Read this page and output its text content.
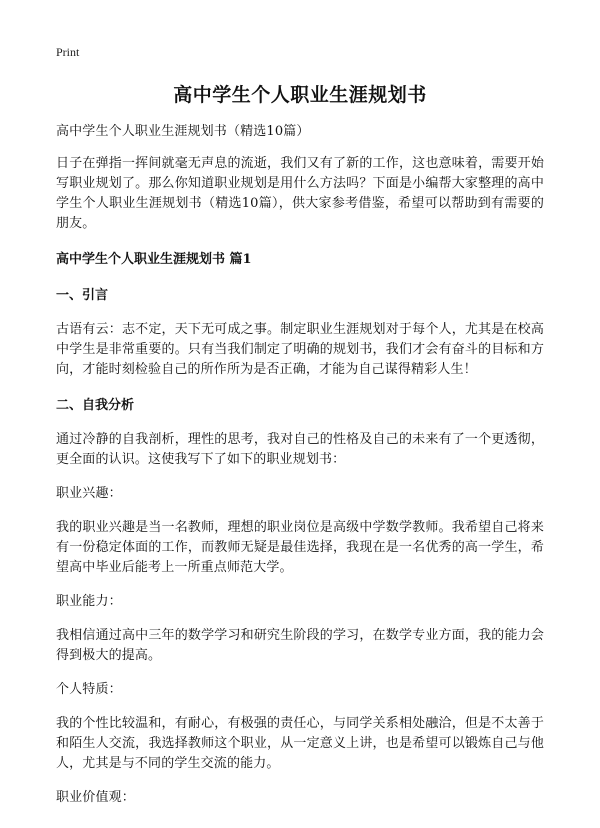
Print
高中学生个人职业生涯规划书

高中学生个人职业生涯规划书（精选10篇）

日子在弹指一挥间就毫无声息的流逝，我们又有了新的工作，这也意味着，需要开始写职业规划了。那么你知道职业规划是用什么方法吗？下面是小编帮大家整理的高中学生个人职业生涯规划书（精选10篇），供大家参考借鉴，希望可以帮助到有需要的朋友。

高中学生个人职业生涯规划书 篇1
一、引言

古语有云：志不定，天下无可成之事。制定职业生涯规划对于每个人，尤其是在校高中学生是非常重要的。只有当我们制定了明确的规划书，我们才会有奋斗的目标和方向，才能时刻检验自己的所作所为是否正确，才能为自己谋得精彩人生！

二、自我分析

通过冷静的自我剖析，理性的思考，我对自己的性格及自己的未来有了一个更透彻，更全面的认识。这使我写下了如下的职业规划书：

职业兴趣：

我的职业兴趣是当一名教师，理想的职业岗位是高级中学数学教师。我希望自己将来有一份稳定体面的工作，而教师无疑是最佳选择，我现在是一名优秀的高一学生，希望高中毕业后能考上一所重点师范大学。

职业能力：

我相信通过高中三年的数学学习和研究生阶段的学习，在数学专业方面，我的能力会得到极大的提高。

个人特质：

我的个性比较温和，有耐心，有极强的责任心，与同学关系相处融洽，但是不太善于和陌生人交流，我选择教师这个职业，从一定意义上讲，也是希望可以锻炼自己与他人，尤其是与不同的学生交流的能力。

职业价值观：
